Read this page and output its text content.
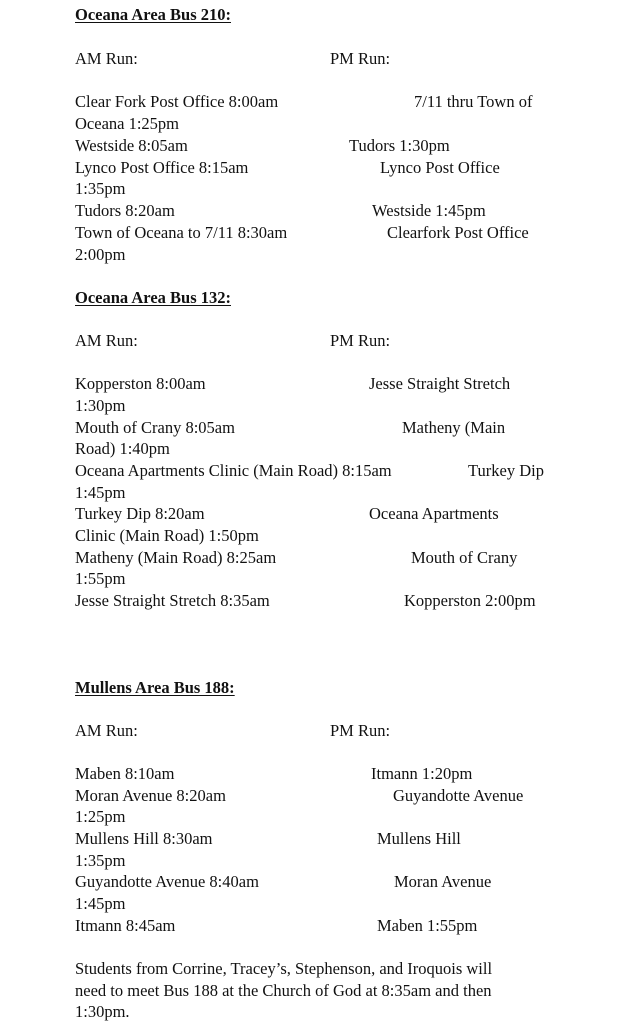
Oceana Area Bus 210:
AM Run:	PM Run:
Clear Fork Post Office 8:00am	7/11 thru Town of
Oceana 1:25pm
Westside 8:05am	Tudors 1:30pm
Lynco Post Office 8:15am	Lynco Post Office
1:35pm
Tudors 8:20am	Westside 1:45pm
Town of Oceana to 7/11 8:30am	Clearfork Post Office
2:00pm
Oceana Area Bus 132:
AM Run:	PM Run:
Kopperston 8:00am	Jesse Straight Stretch
1:30pm
Mouth of Crany 8:05am	Matheny (Main
Road) 1:40pm
Oceana Apartments Clinic (Main Road) 8:15am	Turkey Dip
1:45pm
Turkey Dip 8:20am	Oceana Apartments
Clinic (Main Road) 1:50pm
Matheny (Main Road) 8:25am	Mouth of Crany
1:55pm
Jesse Straight Stretch 8:35am	Kopperston 2:00pm
Mullens Area Bus 188:
AM Run:	PM Run:
Maben 8:10am	Itmann 1:20pm
Moran Avenue 8:20am	Guyandotte Avenue
1:25pm
Mullens Hill 8:30am	Mullens Hill
1:35pm
Guyandotte Avenue 8:40am	Moran Avenue
1:45pm
Itmann 8:45am	Maben 1:55pm
Students from Corrine, Tracey’s, Stephenson, and Iroquois will
need to meet Bus 188 at the Church of God at 8:35am and then
1:30pm.
